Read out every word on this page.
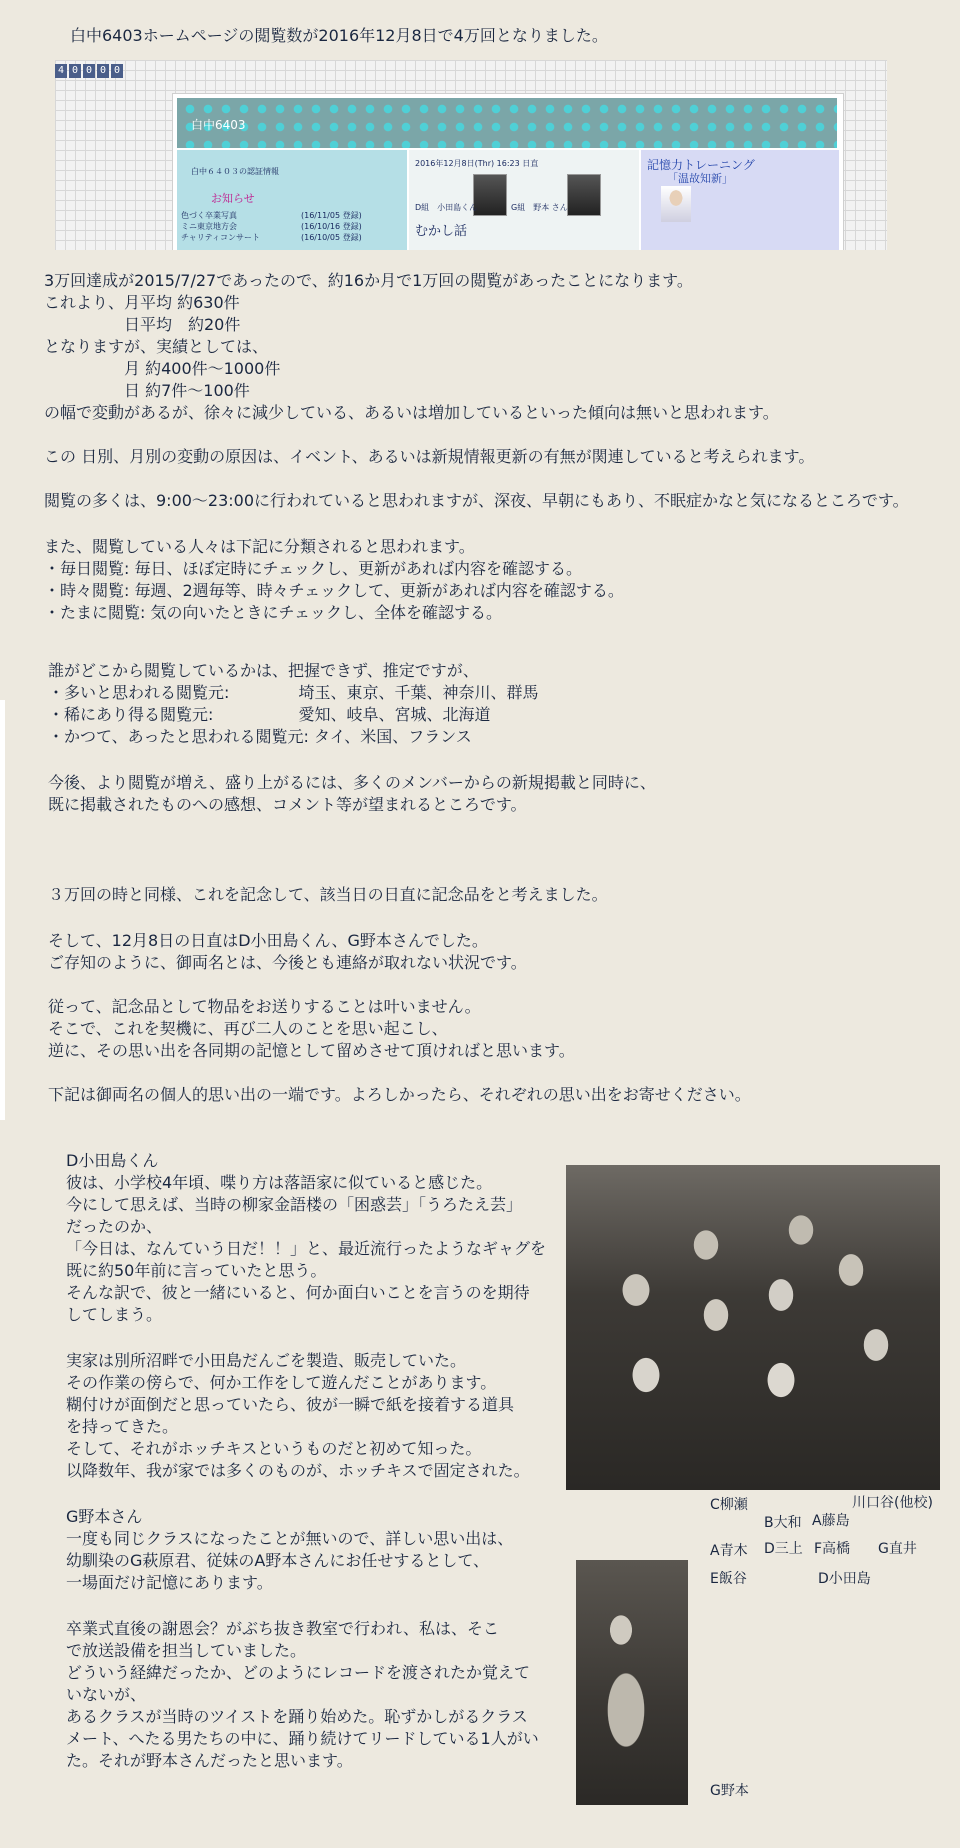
白中6403ホームページの閲覧数が2016年12月8日で4万回となりました。
4 0 0 0 0
白中6403
白中６４０３の認証情報
お知らせ
色づく卒業写真	(16/11/05 登録)
ミニ東京地方会	(16/10/16 登録)
チャリティコンサート	(16/10/05 登録)
2016年12月8日(Thr) 16:23 日直
D組　小田島くん	G組　野本 さん
むかし話
記憶力トレーニング
「温故知新」
3万回達成が2015/7/27であったので、約16か月で1万回の閲覧があったことになります。
これより、月平均 約630件
　　　　　日平均　約20件
となりますが、実績としては、
　　　　　月 約400件～1000件
　　　　　日 約7件～100件
の幅で変動があるが、徐々に減少している、あるいは増加しているといった傾向は無いと思われます。
この 日別、月別の変動の原因は、イベント、あるいは新規情報更新の有無が関連していると考えられます。
閲覧の多くは、9:00～23:00に行われていると思われますが、深夜、早朝にもあり、不眠症かなと気になるところです。
また、閲覧している人々は下記に分類されると思われます。
・毎日閲覧: 毎日、ほぼ定時にチェックし、更新があれば内容を確認する。
・時々閲覧: 毎週、2週毎等、時々チェックして、更新があれば内容を確認する。
・たまに閲覧: 気の向いたときにチェックし、全体を確認する。
誰がどこから閲覧しているかは、把握できず、推定ですが、
・多いと思われる閲覧元:　　　　 埼玉、東京、千葉、神奈川、群馬
・稀にあり得る閲覧元:　　　　　 愛知、岐阜、宮城、北海道
・かつて、あったと思われる閲覧元: タイ、米国、フランス
今後、より閲覧が増え、盛り上がるには、多くのメンバーからの新規掲載と同時に、
既に掲載されたものへの感想、コメント等が望まれるところです。
３万回の時と同様、これを記念して、該当日の日直に記念品をと考えました。
そして、12月8日の日直はD小田島くん、G野本さんでした。
ご存知のように、御両名とは、今後とも連絡が取れない状況です。
従って、記念品として物品をお送りすることは叶いません。
そこで、これを契機に、再び二人のことを思い起こし、
逆に、その思い出を各同期の記憶として留めさせて頂ければと思います。
下記は御両名の個人的思い出の一端です。よろしかったら、それぞれの思い出をお寄せください。
D小田島くん
彼は、小学校4年頃、喋り方は落語家に似ていると感じた。
今にして思えば、当時の柳家金語楼の「困惑芸」「うろたえ芸」
だったのか、
「今日は、なんていう日だ！！」と、最近流行ったようなギャグを
既に約50年前に言っていたと思う。
そんな訳で、彼と一緒にいると、何か面白いことを言うのを期待
してしまう。
実家は別所沼畔で小田島だんごを製造、販売していた。
その作業の傍らで、何か工作をして遊んだことがあります。
糊付けが面倒だと思っていたら、彼が一瞬で紙を接着する道具
を持ってきた。
そして、それがホッチキスというものだと初めて知った。
以降数年、我が家では多くのものが、ホッチキスで固定された。
G野本さん
一度も同じクラスになったことが無いので、詳しい思い出は、
幼馴染のG萩原君、従妹のA野本さんにお任せするとして、
一場面だけ記憶にあります。
卒業式直後の謝恩会？がぶち抜き教室で行われ、私は、そこ
で放送設備を担当していました。
どういう経緯だったか、どのようにレコードを渡されたか覚えて
いないが、
あるクラスが当時のツイストを踊り始めた。恥ずかしがるクラス
メート、へたる男たちの中に、踊り続けてリードしている1人がい
た。それが野本さんだったと思います。
C柳瀬	川口谷(他校)
B大和 A藤島
A青木 D三上 F高橋 G直井
E飯谷	D小田島
G野本
